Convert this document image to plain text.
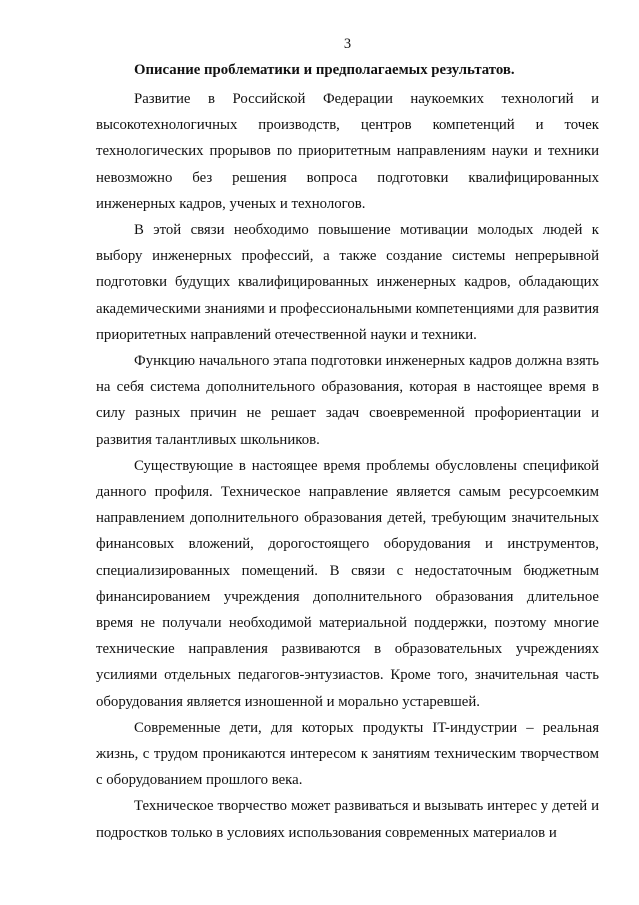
3
Описание проблематики и предполагаемых результатов.

Развитие в Российской Федерации наукоемких технологий и высокотехнологичных производств, центров компетенций и точек технологических прорывов по приоритетным направлениям науки и техники невозможно без решения вопроса подготовки квалифицированных инженерных кадров, ученых и технологов.

В этой связи необходимо повышение мотивации молодых людей к выбору инженерных профессий, а также создание системы непрерывной подготовки будущих квалифицированных инженерных кадров, обладающих академическими знаниями и профессиональными компетенциями для развития приоритетных направлений отечественной науки и техники.

Функцию начального этапа подготовки инженерных кадров должна взять на себя система дополнительного образования, которая в настоящее время в силу разных причин не решает задач своевременной профориентации и развития талантливых школьников.

Существующие в настоящее время проблемы обусловлены спецификой данного профиля. Техническое направление является самым ресурсоемким направлением дополнительного образования детей, требующим значительных финансовых вложений, дорогостоящего оборудования и инструментов, специализированных помещений. В связи с недостаточным бюджетным финансированием учреждения дополнительного образования длительное время не получали необходимой материальной поддержки, поэтому многие технические направления развиваются в образовательных учреждениях усилиями отдельных педагогов-энтузиастов. Кроме того, значительная часть оборудования является изношенной и морально устаревшей.

Современные дети, для которых продукты IT-индустрии – реальная жизнь, с трудом проникаются интересом к занятиям техническим творчеством с оборудованием прошлого века.

Техническое творчество может развиваться и вызывать интерес у детей и подростков только в условиях использования современных материалов и
